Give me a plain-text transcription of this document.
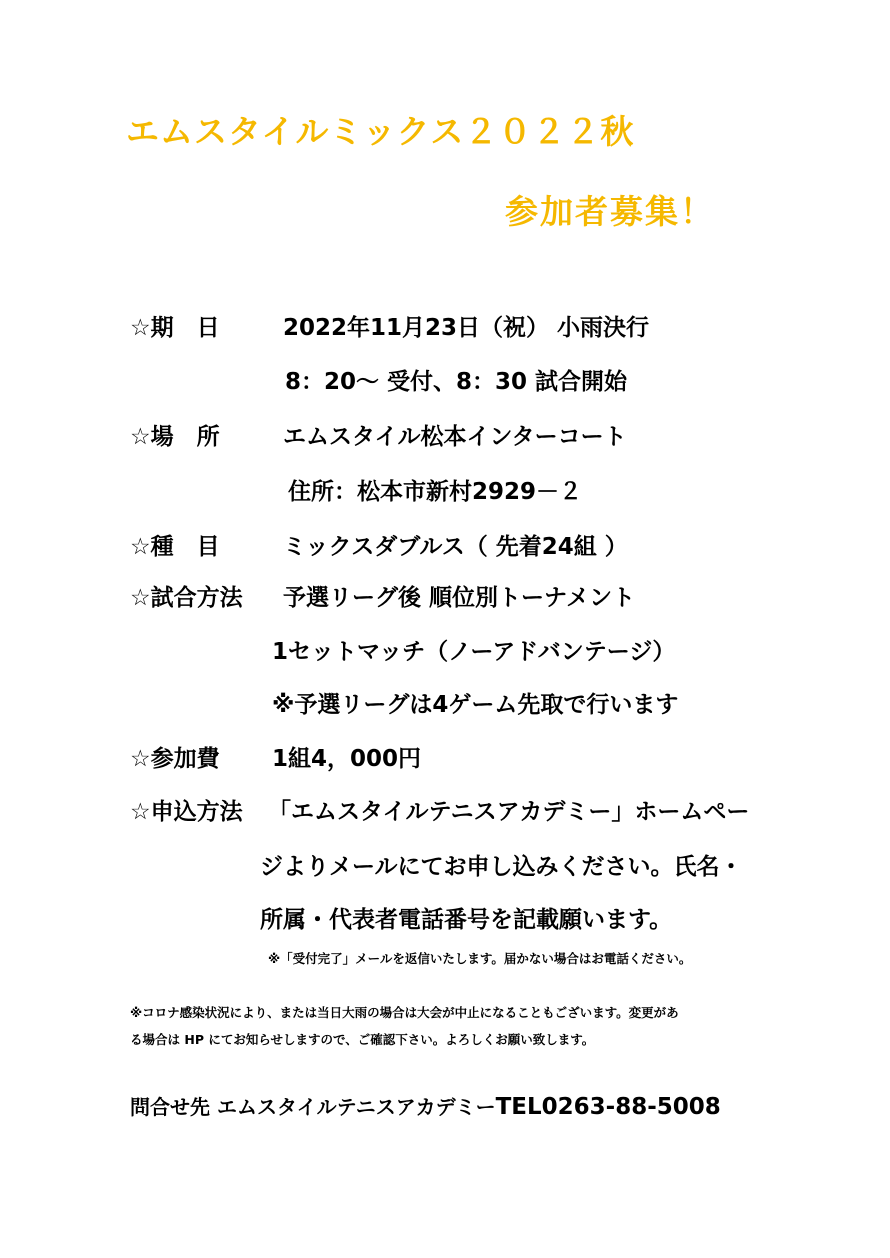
エムスタイルミックス２０２２秋
参加者募集！
☆期　日	2022年11月23日（祝） 小雨決行
8：20～ 受付、8：30 試合開始
☆場　所	エムスタイル松本インターコート
住所：松本市新村2929－２
☆種　目	ミックスダブルス（ 先着24組 ）
☆試合方法 予選リーグ後 順位別トーナメント
1セットマッチ（ノーアドバンテージ）
※予選リーグは4ゲーム先取で行います
☆参加費 1組4，000円
☆申込方法 「エムスタイルテニスアカデミー」ホームペー
ジよりメールにてお申し込みください。氏名・
所属・代表者電話番号を記載願います。
※「受付完了」メールを返信いたします。届かない場合はお電話ください。
※コロナ感染状況により、または当日大雨の場合は大会が中止になることもございます。変更があ
る場合は HP にてお知らせしますので、ご確認下さい。よろしくお願い致します。
問合せ先 エムスタイルテニスアカデミーTEL0263-88-5008
